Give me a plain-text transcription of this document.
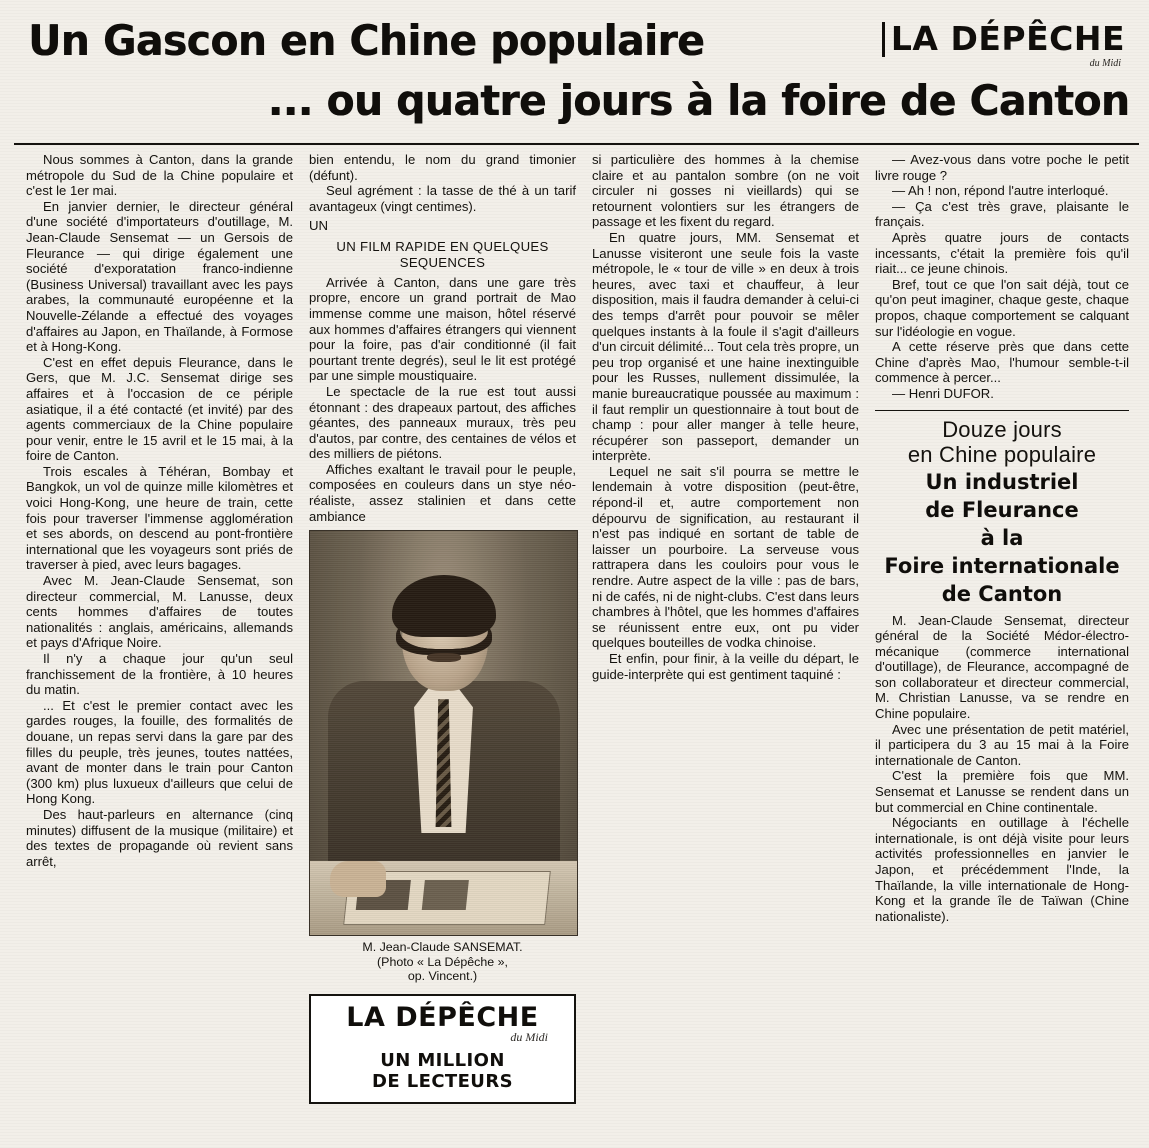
Un Gascon en Chine populaire	LA DÉPÊCHE
du Midi
... ou quatre jours à la foire de Canton

Nous sommes à Canton, dans la grande métropole du Sud de la Chine populaire et c'est le 1er mai.

En janvier dernier, le directeur général d'une société d'importateurs d'outillage, M. Jean-Claude Sensemat — un Gersois de Fleurance — qui dirige également une société d'exporatation franco-indienne (Business Universal) travaillant avec les pays arabes, la communauté européenne et la Nouvelle-Zélande a effectué des voyages d'affaires au Japon, en Thaïlande, à Formose et à Hong-Kong.

C'est en effet depuis Fleurance, dans le Gers, que M. J.C. Sensemat dirige ses affaires et à l'occasion de ce périple asiatique, il a été contacté (et invité) par des agents commerciaux de la Chine populaire pour venir, entre le 15 avril et le 15 mai, à la foire de Canton.

Trois escales à Téhéran, Bombay et Bangkok, un vol de quinze mille kilomètres et voici Hong-Kong, une heure de train, cette fois pour traverser l'immense agglomération et ses abords, on descend au pont-frontière international que les voyageurs sont priés de traverser à pied, avec leurs bagages.

Avec M. Jean-Claude Sensemat, son directeur commercial, M. Lanusse, deux cents hommes d'affaires de toutes nationalités : anglais, américains, allemands et pays d'Afrique Noire.

Il n'y a chaque jour qu'un seul franchissement de la frontière, à 10 heures du matin.

... Et c'est le premier contact avec les gardes rouges, la fouille, des formalités de douane, un repas servi dans la gare par des filles du peuple, très jeunes, toutes nattées, avant de monter dans le train pour Canton (300 km) plus luxueux d'ailleurs que celui de Hong Kong.

Des haut-parleurs en alternance (cinq minutes) diffusent de la musique (militaire) et des textes de propagande où revient sans arrêt,

bien entendu, le nom du grand timonier (défunt).

Seul agrément : la tasse de thé à un tarif avantageux (vingt centimes).

UN

UN FILM RAPIDE EN QUELQUES SEQUENCES

Arrivée à Canton, dans une gare très propre, encore un grand portrait de Mao immense comme une maison, hôtel réservé aux hommes d'affaires étrangers qui viennent pour la foire, pas d'air conditionné (il fait pourtant trente degrés), seul le lit est protégé par une simple moustiquaire.

Le spectacle de la rue est tout aussi étonnant : des drapeaux partout, des affiches géantes, des panneaux muraux, très peu d'autos, par contre, des centaines de vélos et des milliers de piétons.

Affiches exaltant le travail pour le peuple, composées en couleurs dans un stye néo-réaliste, assez stalinien et dans cette ambiance

M. Jean-Claude SANSEMAT.
(Photo « La Dépêche »,
op. Vincent.)
LA DÉPÊCHE
du Midi
UN MILLION
DE LECTEURS

si particulière des hommes à la chemise claire et au pantalon sombre (on ne voit circuler ni gosses ni vieillards) qui se retournent volontiers sur les étrangers de passage et les fixent du regard.

En quatre jours, MM. Sensemat et Lanusse visiteront une seule fois la vaste métropole, le « tour de ville » en deux à trois heures, avec taxi et chauffeur, à leur disposition, mais il faudra demander à celui-ci des temps d'arrêt pour pouvoir se mêler quelques instants à la foule il s'agit d'ailleurs d'un circuit délimité... Tout cela très propre, un peu trop organisé et une haine inextinguible pour les Russes, nullement dissimulée, la manie bureaucratique poussée au maximum : il faut remplir un questionnaire à tout bout de champ : pour aller manger à telle heure, récupérer son passeport, demander un interprète.

Lequel ne sait s'il pourra se mettre le lendemain à votre disposition (peut-être, répond-il et, autre comportement non dépourvu de signification, au restaurant il n'est pas indiqué en sortant de table de laisser un pourboire. La serveuse vous rattrapera dans les couloirs pour vous le rendre. Autre aspect de la ville : pas de bars, ni de cafés, ni de night-clubs. C'est dans leurs chambres à l'hôtel, que les hommes d'affaires se réunissent entre eux, ont pu vider quelques bouteilles de vodka chinoise.

Et enfin, pour finir, à la veille du départ, le guide-interprète qui est gentiment taquiné :

— Avez-vous dans votre poche le petit livre rouge ?

— Ah ! non, répond l'autre interloqué.

— Ça c'est très grave, plaisante le français.

Après quatre jours de contacts incessants, c'était la première fois qu'il riait... ce jeune chinois.

Bref, tout ce que l'on sait déjà, tout ce qu'on peut imaginer, chaque geste, chaque propos, chaque comportement se calquant sur l'idéologie en vogue.

A cette réserve près que dans cette Chine d'après Mao, l'humour semble-t-il commence à percer...

— Henri DUFOR.

Douze jours
en Chine populaire
Un industriel
de Fleurance
à la
Foire internationale
de Canton

M. Jean-Claude Sensemat, directeur général de la Société Médor-électro-mécanique (commerce international d'outillage), de Fleurance, accompagné de son collaborateur et directeur commercial, M. Christian Lanusse, va se rendre en Chine populaire.

Avec une présentation de petit matériel, il participera du 3 au 15 mai à la Foire internationale de Canton.

C'est la première fois que MM. Sensemat et Lanusse se rendent dans un but commercial en Chine continentale.

Négociants en outillage à l'échelle internationale, is ont déjà visite pour leurs activités professionnelles en janvier le Japon, et précédemment l'Inde, la Thaïlande, la ville internationale de Hong-Kong et la grande île de Taïwan (Chine nationaliste).
